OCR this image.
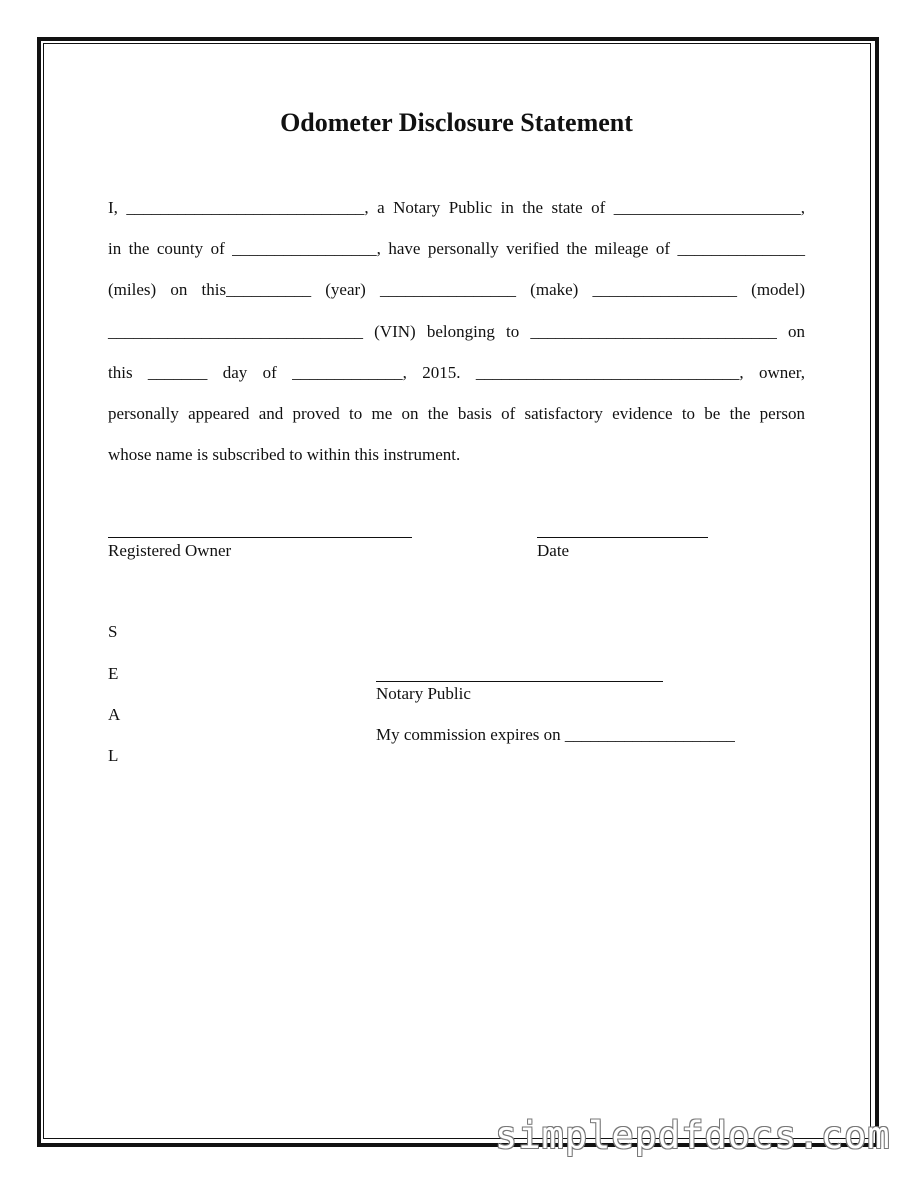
Odometer Disclosure Statement
I, ____________________________, a Notary Public in the state of ______________________,
in the county of _________________, have personally verified the mileage of _______________
(miles) on this__________ (year) ________________ (make) _________________ (model)
______________________________ (VIN) belonging to _____________________________ on
this _______ day of _____________, 2015. _______________________________, owner,
personally appeared and proved to me on the basis of satisfactory evidence to be the person
whose name is subscribed to within this instrument.
Registered Owner	Date
S
E
A
L
Notary Public
My commission expires on ____________________
simplepdfdocs.com
